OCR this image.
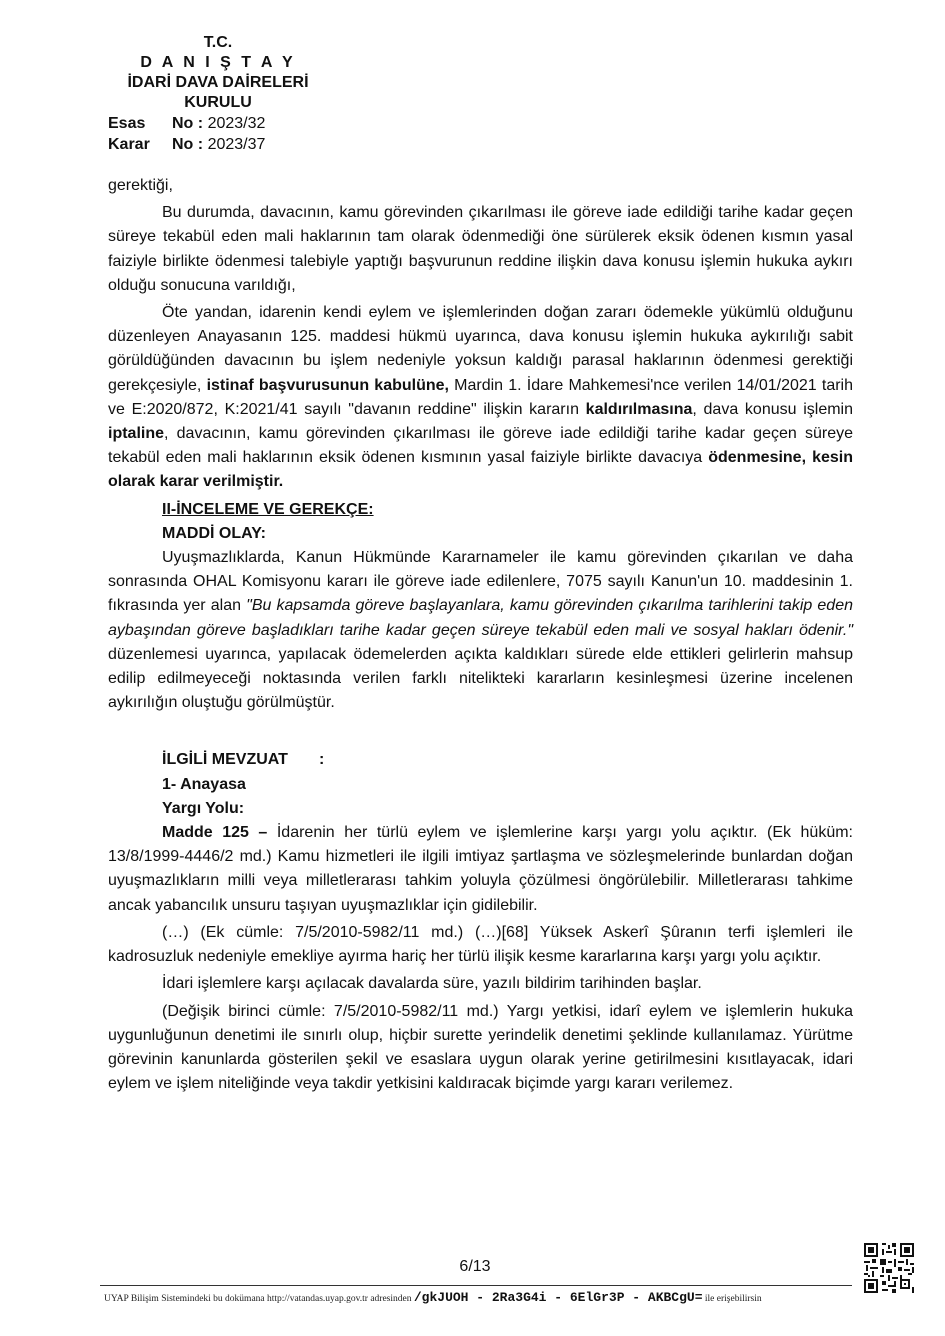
T.C.
D A N I Ş T A Y
İDARİ DAVA DAİRELERİ
KURULU
Esas No : 2023/32
Karar No : 2023/37

gerektiği,

Bu durumda, davacının, kamu görevinden çıkarılması ile göreve iade edildiği tarihe kadar geçen süreye tekabül eden mali haklarının tam olarak ödenmediği öne sürülerek eksik ödenen kısmın yasal faiziyle birlikte ödenmesi talebiyle yaptığı başvurunun reddine ilişkin dava konusu işlemin hukuka aykırı olduğu sonucuna varıldığı,

Öte yandan, idarenin kendi eylem ve işlemlerinden doğan zararı ödemekle yükümlü olduğunu düzenleyen Anayasanın 125. maddesi hükmü uyarınca, dava konusu işlemin hukuka aykırılığı sabit görüldüğünden davacının bu işlem nedeniyle yoksun kaldığı parasal haklarının ödenmesi gerektiği gerekçesiyle, istinaf başvurusunun kabulüne, Mardin 1. İdare Mahkemesi'nce verilen 14/01/2021 tarih ve E:2020/872, K:2021/41 sayılı "davanın reddine" ilişkin kararın kaldırılmasına, dava konusu işlemin iptaline, davacının, kamu görevinden çıkarılması ile göreve iade edildiği tarihe kadar geçen süreye tekabül eden mali haklarının eksik ödenen kısmının yasal faiziyle birlikte davacıya ödenmesine, kesin olarak karar verilmiştir.

II-İNCELEME VE GEREKÇE:

MADDİ OLAY:

Uyuşmazlıklarda, Kanun Hükmünde Kararnameler ile kamu görevinden çıkarılan ve daha sonrasında OHAL Komisyonu kararı ile göreve iade edilenlere, 7075 sayılı Kanun'un 10. maddesinin 1. fıkrasında yer alan "Bu kapsamda göreve başlayanlara, kamu görevinden çıkarılma tarihlerini takip eden aybaşından göreve başladıkları tarihe kadar geçen süreye tekabül eden mali ve sosyal hakları ödenir." düzenlemesi uyarınca, yapılacak ödemelerden açıkta kaldıkları sürede elde ettikleri gelirlerin mahsup edilip edilmeyeceği noktasında verilen farklı nitelikteki kararların kesinleşmesi üzerine incelenen aykırılığın oluştuğu görülmüştür.

İLGİLİ MEVZUAT       :

1- Anayasa

Yargı Yolu:

Madde 125 – İdarenin her türlü eylem ve işlemlerine karşı yargı yolu açıktır. (Ek hüküm: 13/8/1999-4446/2 md.) Kamu hizmetleri ile ilgili imtiyaz şartlaşma ve sözleşmelerinde bunlardan doğan uyuşmazlıkların milli veya milletlerarası tahkim yoluyla çözülmesi öngörülebilir. Milletlerarası tahkime ancak yabancılık unsuru taşıyan uyuşmazlıklar için gidilebilir.

(…) (Ek cümle: 7/5/2010-5982/11 md.) (…)[68] Yüksek Askerî Şûranın terfi işlemleri ile kadrosuzluk nedeniyle emekliye ayırma hariç her türlü ilişik kesme kararlarına karşı yargı yolu açıktır.

İdari işlemlere karşı açılacak davalarda süre, yazılı bildirim tarihinden başlar.

(Değişik birinci cümle: 7/5/2010-5982/11 md.) Yargı yetkisi, idarî eylem ve işlemlerin hukuka uygunluğunun denetimi ile sınırlı olup, hiçbir surette yerindelik denetimi şeklinde kullanılamaz. Yürütme görevinin kanunlarda gösterilen şekil ve esaslara uygun olarak yerine getirilmesini kısıtlayacak, idari eylem ve işlem niteliğinde veya takdir yetkisini kaldıracak biçimde yargı kararı verilemez.

6/13
UYAP Bilişim Sistemindeki bu dokümana http://vatandas.uyap.gov.tr adresinden /gkJUOH - 2Ra3G4i - 6ElGr3P - AKBCgU= ile erişebilirsin
